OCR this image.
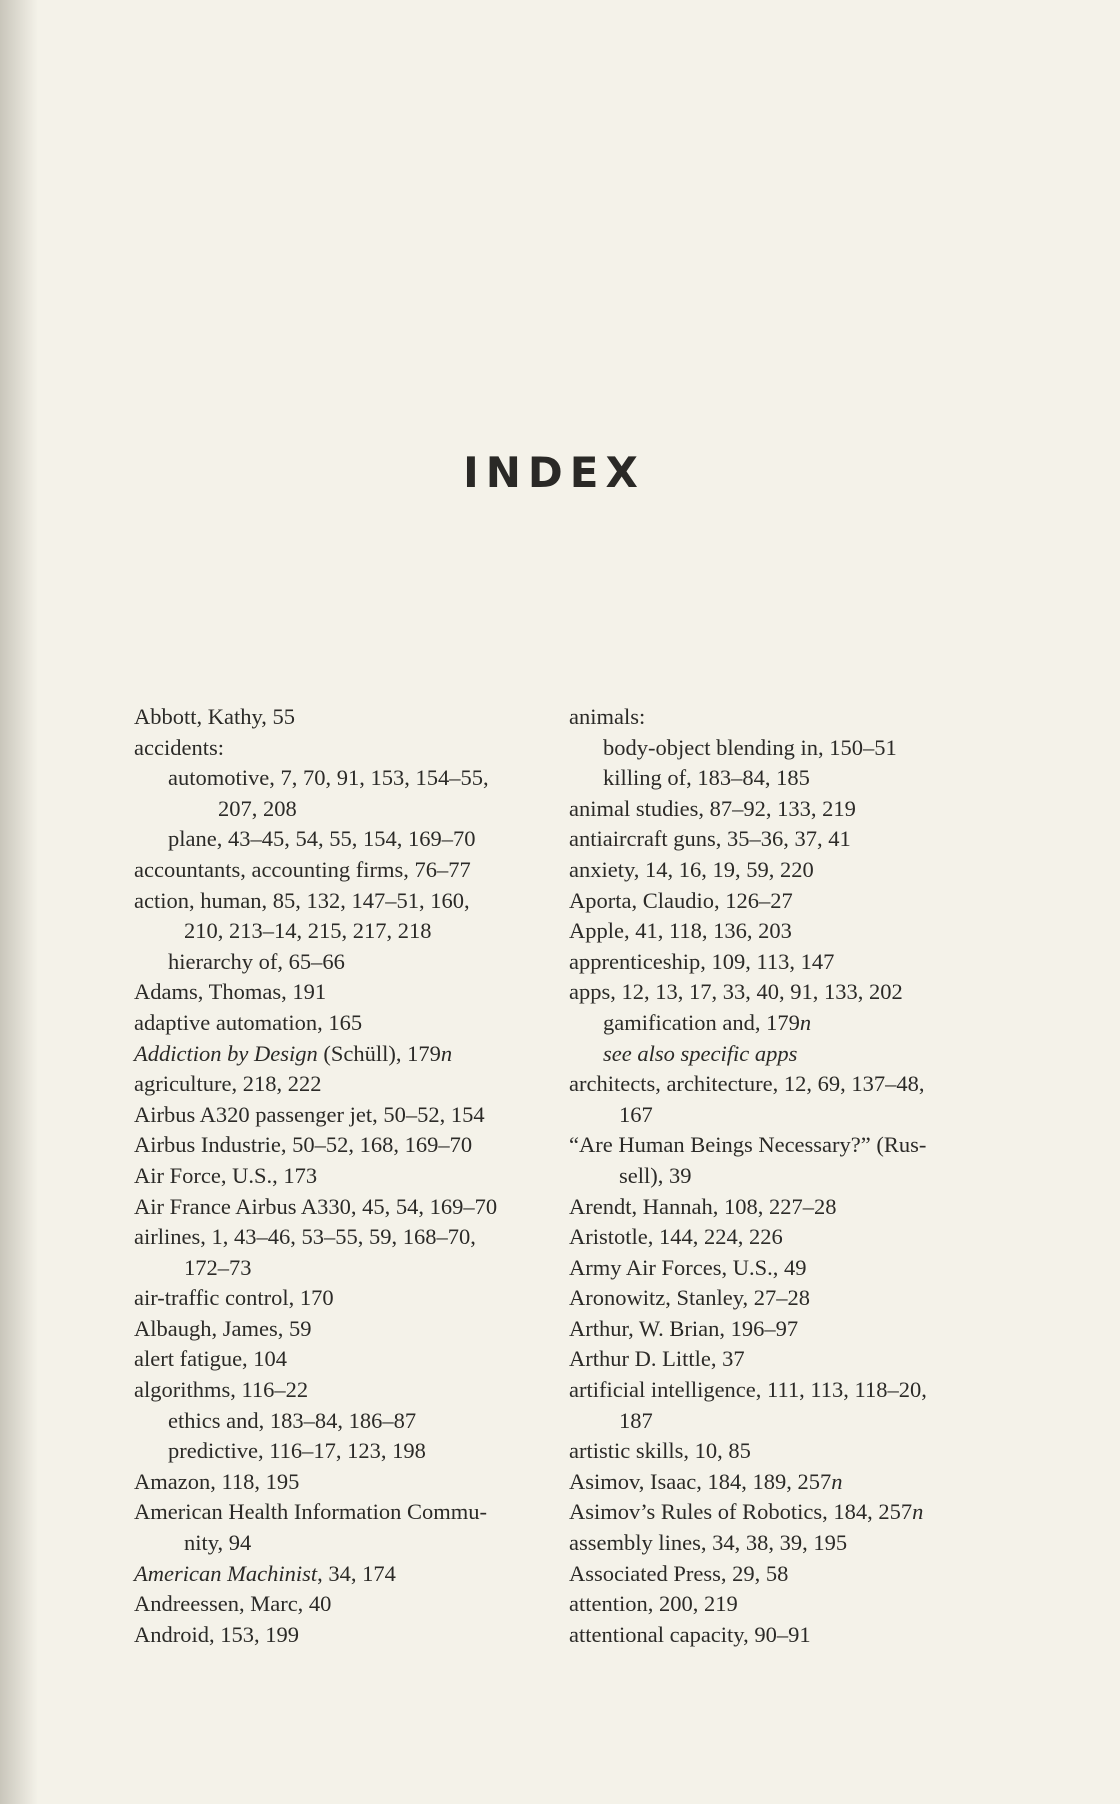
INDEX
Abbott, Kathy, 55
accidents:
automotive, 7, 70, 91, 153, 154–55,
207, 208
plane, 43–45, 54, 55, 154, 169–70
accountants, accounting firms, 76–77
action, human, 85, 132, 147–51, 160,
210, 213–14, 215, 217, 218
hierarchy of, 65–66
Adams, Thomas, 191
adaptive automation, 165
Addiction by Design (Schüll), 179n
agriculture, 218, 222
Airbus A320 passenger jet, 50–52, 154
Airbus Industrie, 50–52, 168, 169–70
Air Force, U.S., 173
Air France Airbus A330, 45, 54, 169–70
airlines, 1, 43–46, 53–55, 59, 168–70,
172–73
air-traffic control, 170
Albaugh, James, 59
alert fatigue, 104
algorithms, 116–22
ethics and, 183–84, 186–87
predictive, 116–17, 123, 198
Amazon, 118, 195
American Health Information Commu-
nity, 94
American Machinist, 34, 174
Andreessen, Marc, 40
Android, 153, 199
animals:
body-object blending in, 150–51
killing of, 183–84, 185
animal studies, 87–92, 133, 219
antiaircraft guns, 35–36, 37, 41
anxiety, 14, 16, 19, 59, 220
Aporta, Claudio, 126–27
Apple, 41, 118, 136, 203
apprenticeship, 109, 113, 147
apps, 12, 13, 17, 33, 40, 91, 133, 202
gamification and, 179n
see also specific apps
architects, architecture, 12, 69, 137–48,
167
“Are Human Beings Necessary?” (Rus-
sell), 39
Arendt, Hannah, 108, 227–28
Aristotle, 144, 224, 226
Army Air Forces, U.S., 49
Aronowitz, Stanley, 27–28
Arthur, W. Brian, 196–97
Arthur D. Little, 37
artificial intelligence, 111, 113, 118–20,
187
artistic skills, 10, 85
Asimov, Isaac, 184, 189, 257n
Asimov’s Rules of Robotics, 184, 257n
assembly lines, 34, 38, 39, 195
Associated Press, 29, 58
attention, 200, 219
attentional capacity, 90–91
